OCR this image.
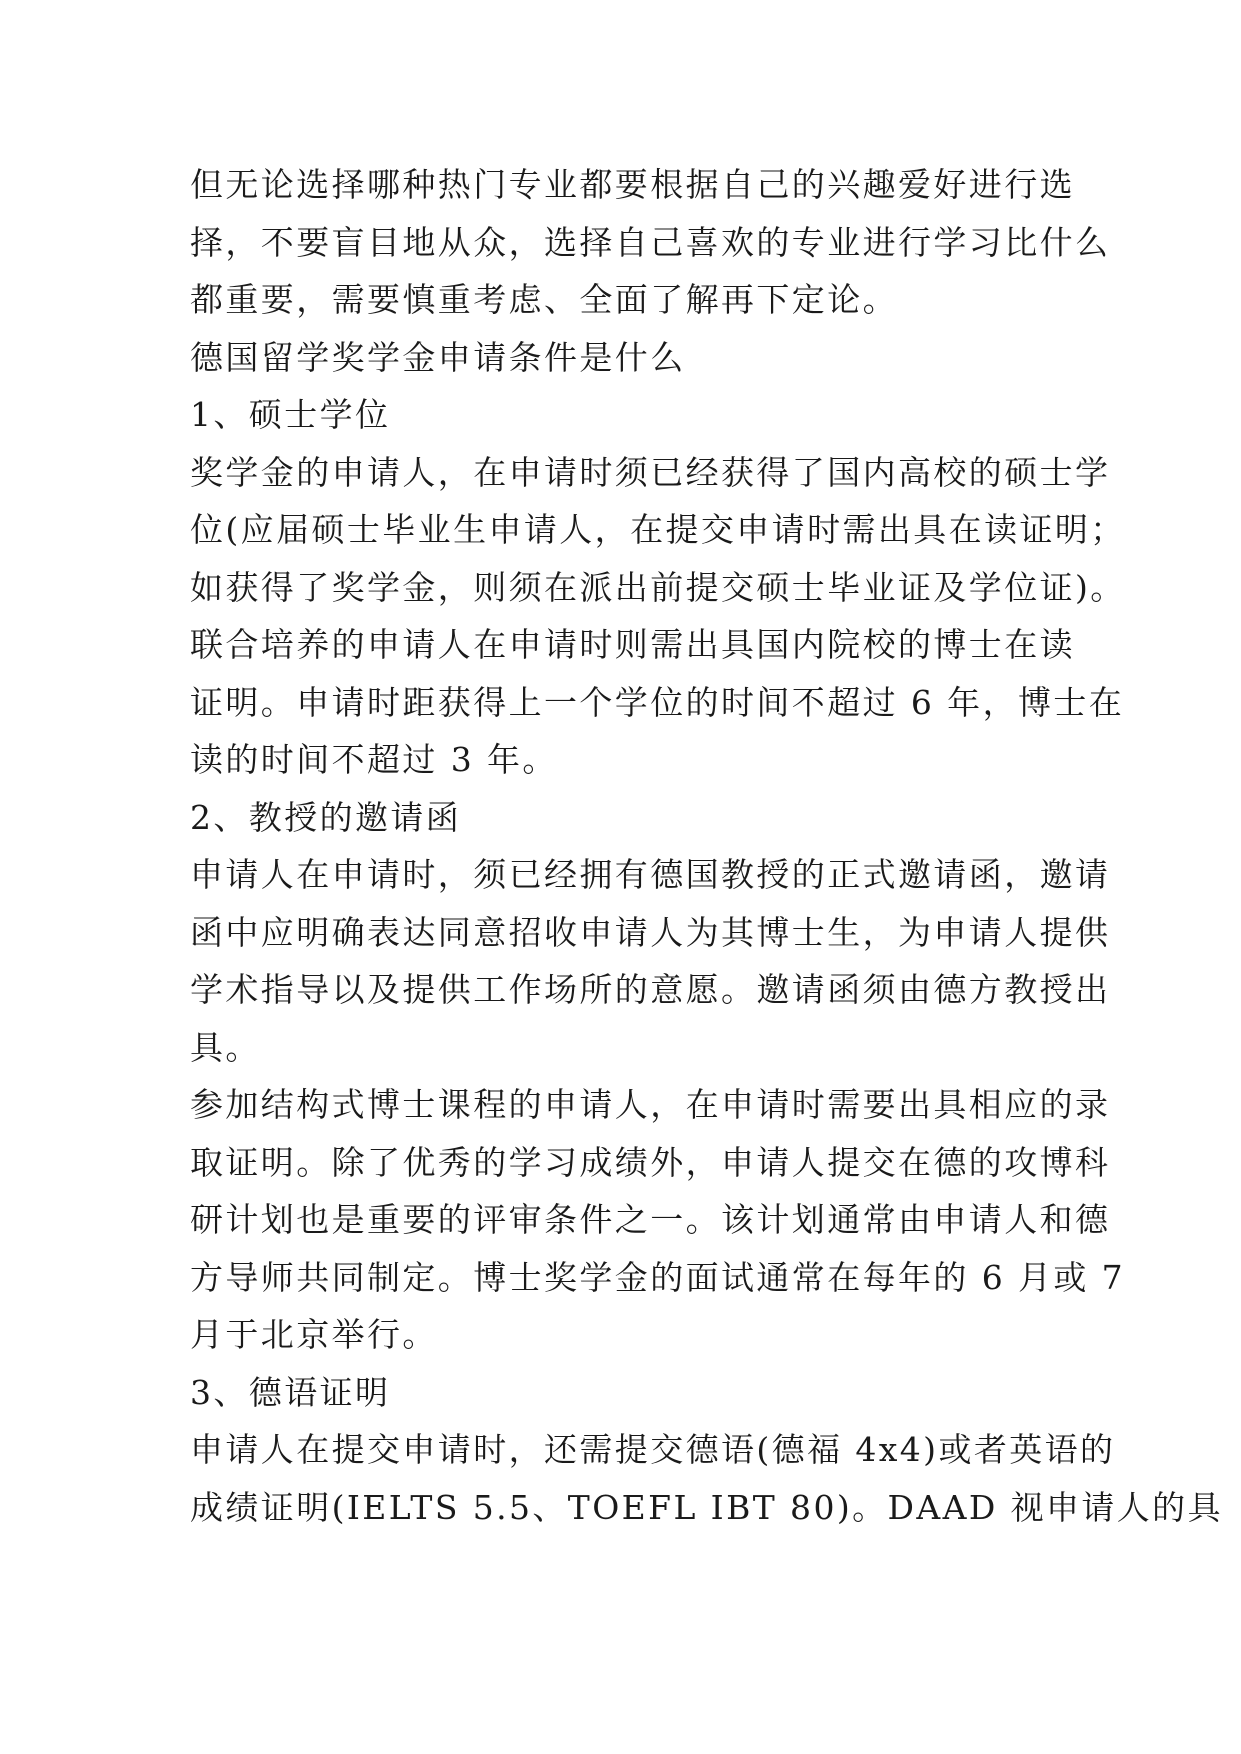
但无论选择哪种热门专业都要根据自己的兴趣爱好进行选
择，不要盲目地从众，选择自己喜欢的专业进行学习比什么
都重要，需要慎重考虑、全面了解再下定论。
德国留学奖学金申请条件是什么
1、硕士学位
奖学金的申请人，在申请时须已经获得了国内高校的硕士学
位(应届硕士毕业生申请人，在提交申请时需出具在读证明；
如获得了奖学金，则须在派出前提交硕士毕业证及学位证)。
联合培养的申请人在申请时则需出具国内院校的博士在读
证明。申请时距获得上一个学位的时间不超过 6 年，博士在
读的时间不超过 3 年。
2、教授的邀请函
申请人在申请时，须已经拥有德国教授的正式邀请函，邀请
函中应明确表达同意招收申请人为其博士生，为申请人提供
学术指导以及提供工作场所的意愿。邀请函须由德方教授出
具。
参加结构式博士课程的申请人，在申请时需要出具相应的录
取证明。除了优秀的学习成绩外，申请人提交在德的攻博科
研计划也是重要的评审条件之一。该计划通常由申请人和德
方导师共同制定。博士奖学金的面试通常在每年的 6 月或 7
月于北京举行。
3、德语证明
申请人在提交申请时，还需提交德语(德福 4x4)或者英语的
成绩证明(IELTS 5.5、TOEFL IBT 80)。DAAD 视申请人的具
